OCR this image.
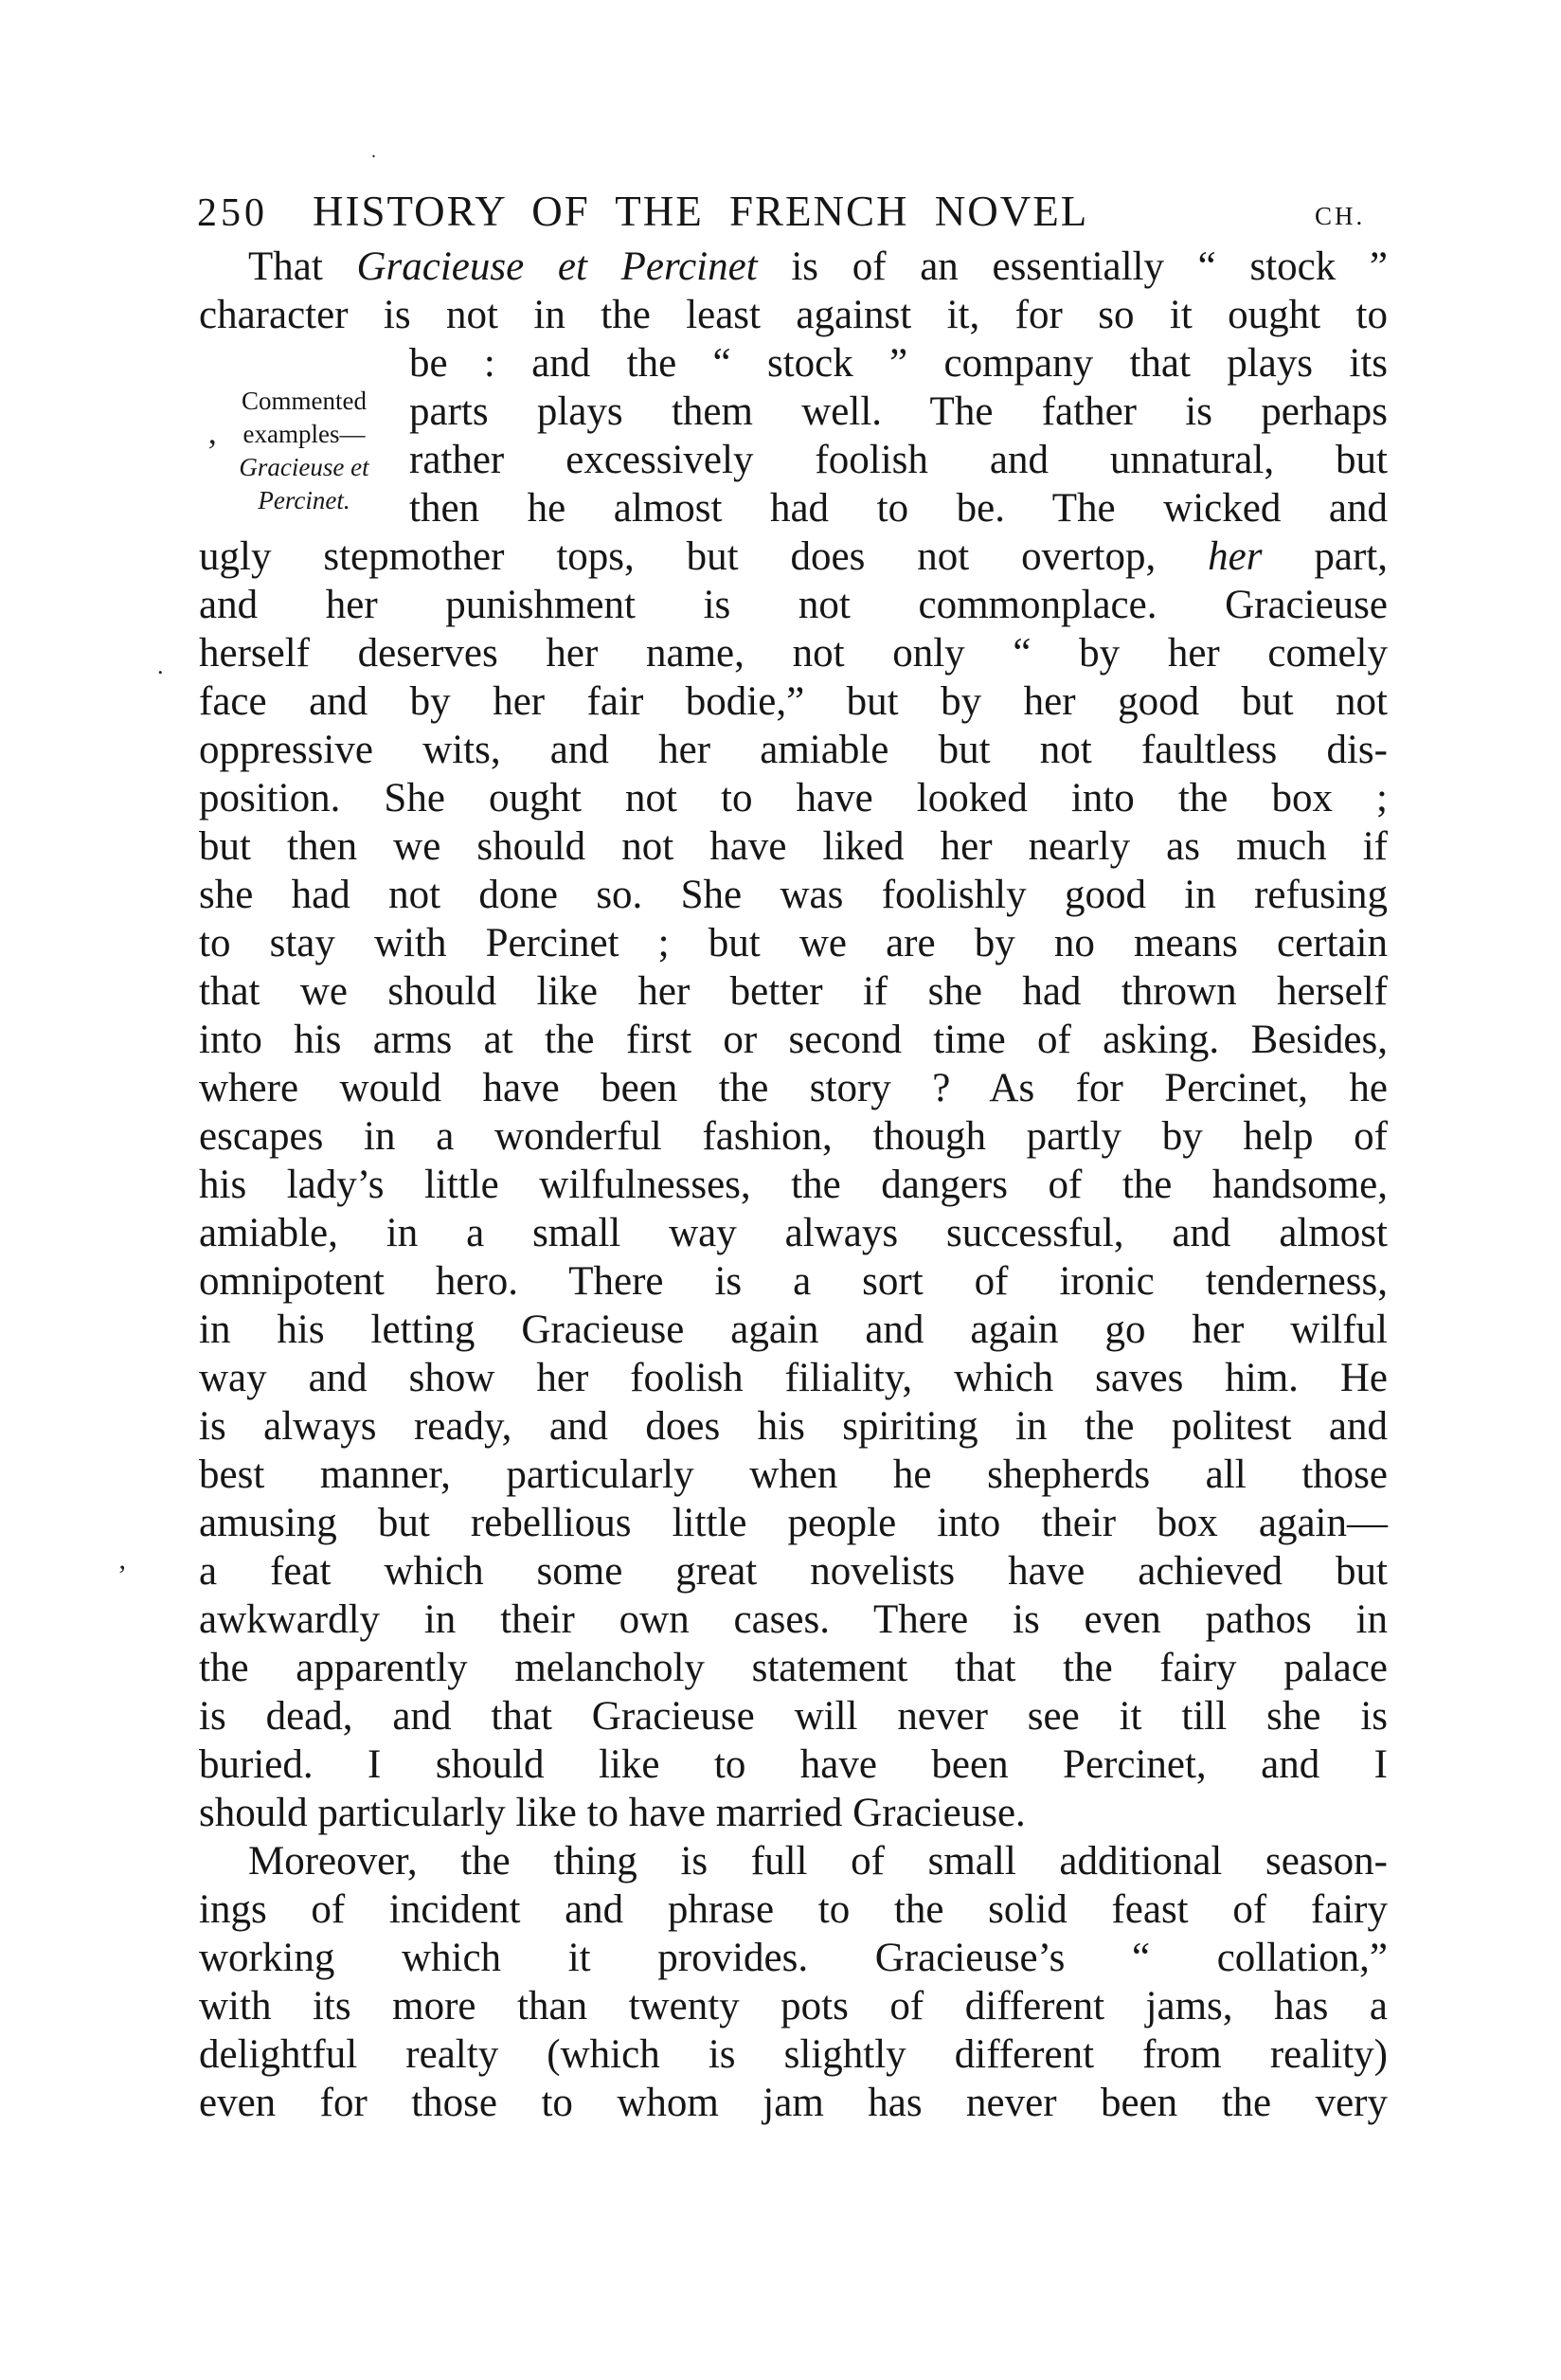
250 HISTORY OF THE FRENCH NOVEL	CH.
That Gracieuse et Percinet is of an essentially “ stock ”
character is not in the least against it, for so it ought to
Commented
examples—
Gracieuse et
Percinet.
be : and the “ stock ” company that plays its
parts plays them well. The father is perhaps
rather excessively foolish and unnatural, but
then he almost had to be. The wicked and
ugly stepmother tops, but does not overtop, her part,
and her punishment is not commonplace. Gracieuse
herself deserves her name, not only “ by her comely
face and by her fair bodie,” but by her good but not
oppressive wits, and her amiable but not faultless dis-
position. She ought not to have looked into the box ;
but then we should not have liked her nearly as much if
she had not done so. She was foolishly good in refusing
to stay with Percinet ; but we are by no means certain
that we should like her better if she had thrown herself
into his arms at the first or second time of asking. Besides,
where would have been the story ? As for Percinet, he
escapes in a wonderful fashion, though partly by help of
his lady’s little wilfulnesses, the dangers of the handsome,
amiable, in a small way always successful, and almost
omnipotent hero. There is a sort of ironic tenderness,
in his letting Gracieuse again and again go her wilful
way and show her foolish filiality, which saves him. He
is always ready, and does his spiriting in the politest and
best manner, particularly when he shepherds all those
amusing but rebellious little people into their box again—
a feat which some great novelists have achieved but
awkwardly in their own cases. There is even pathos in
the apparently melancholy statement that the fairy palace
is dead, and that Gracieuse will never see it till she is
buried. I should like to have been Percinet, and I
should particularly like to have married Gracieuse.
Moreover, the thing is full of small additional season-
ings of incident and phrase to the solid feast of fairy
working which it provides. Gracieuse’s “ collation,”
with its more than twenty pots of different jams, has a
delightful realty (which is slightly different from reality)
even for those to whom jam has never been the very
’
.
’
.
